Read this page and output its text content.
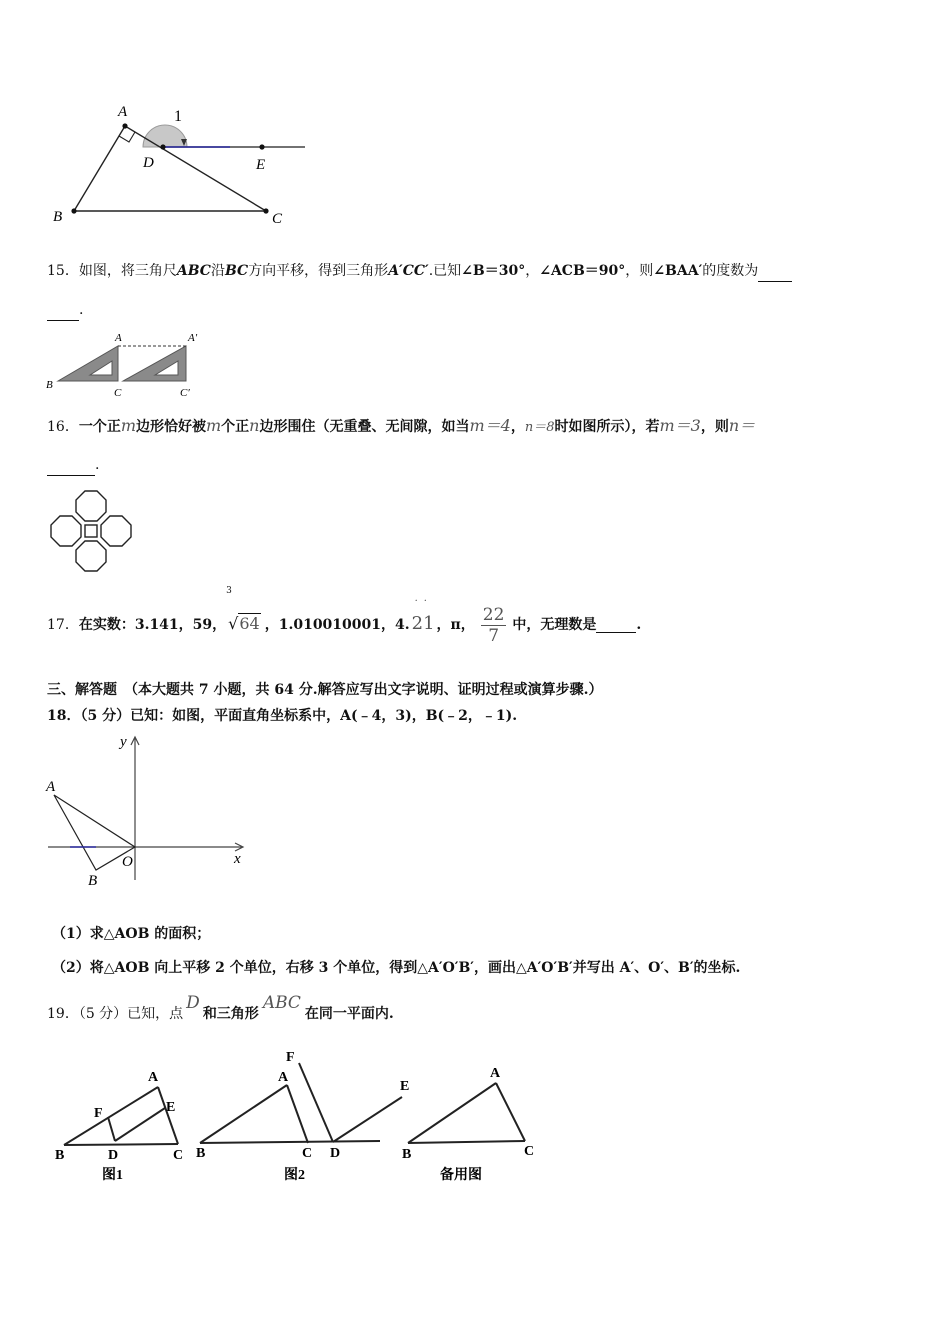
A
B	C
D	E
1
15．如图，将三角尺ABC沿BC方向平移，得到三角形A′CC′.已知∠B＝30°，∠ACB＝90°，则∠BAA′的度数为
.
A	A′
B
C	C′
16．一个正m边形恰好被m个正n边形围住（无重叠、无间隙，如当m＝4，n＝8时如图所示），若m＝3，则n＝
.
17．在实数：3.141，59，
3
√64 ，1.010010001，4.
··
21 ，π， $\frac{22}{7}$ 中，无理数是	.
三、解答题　（本大题共 7 小题，共 64 分.解答应写出文字说明、证明过程或演算步骤.）
18．（5 分）已知：如图，平面直角坐标系中，A(﹣4，3)，B(﹣2，﹣1).
A
B
O	x
y
（1）求△AOB 的面积；
（2）将△AOB 向上平移 2 个单位，右移 3 个单位，得到△A′O′B′，画出△A′O′B′并写出 A′、O′、B′的坐标.
19．（5 分）已知，点D和三角形ABC在同一平面内.
A
B	C
D
E
F
A
B	C D
E
F
A
B	C
图1	图2	备用图
